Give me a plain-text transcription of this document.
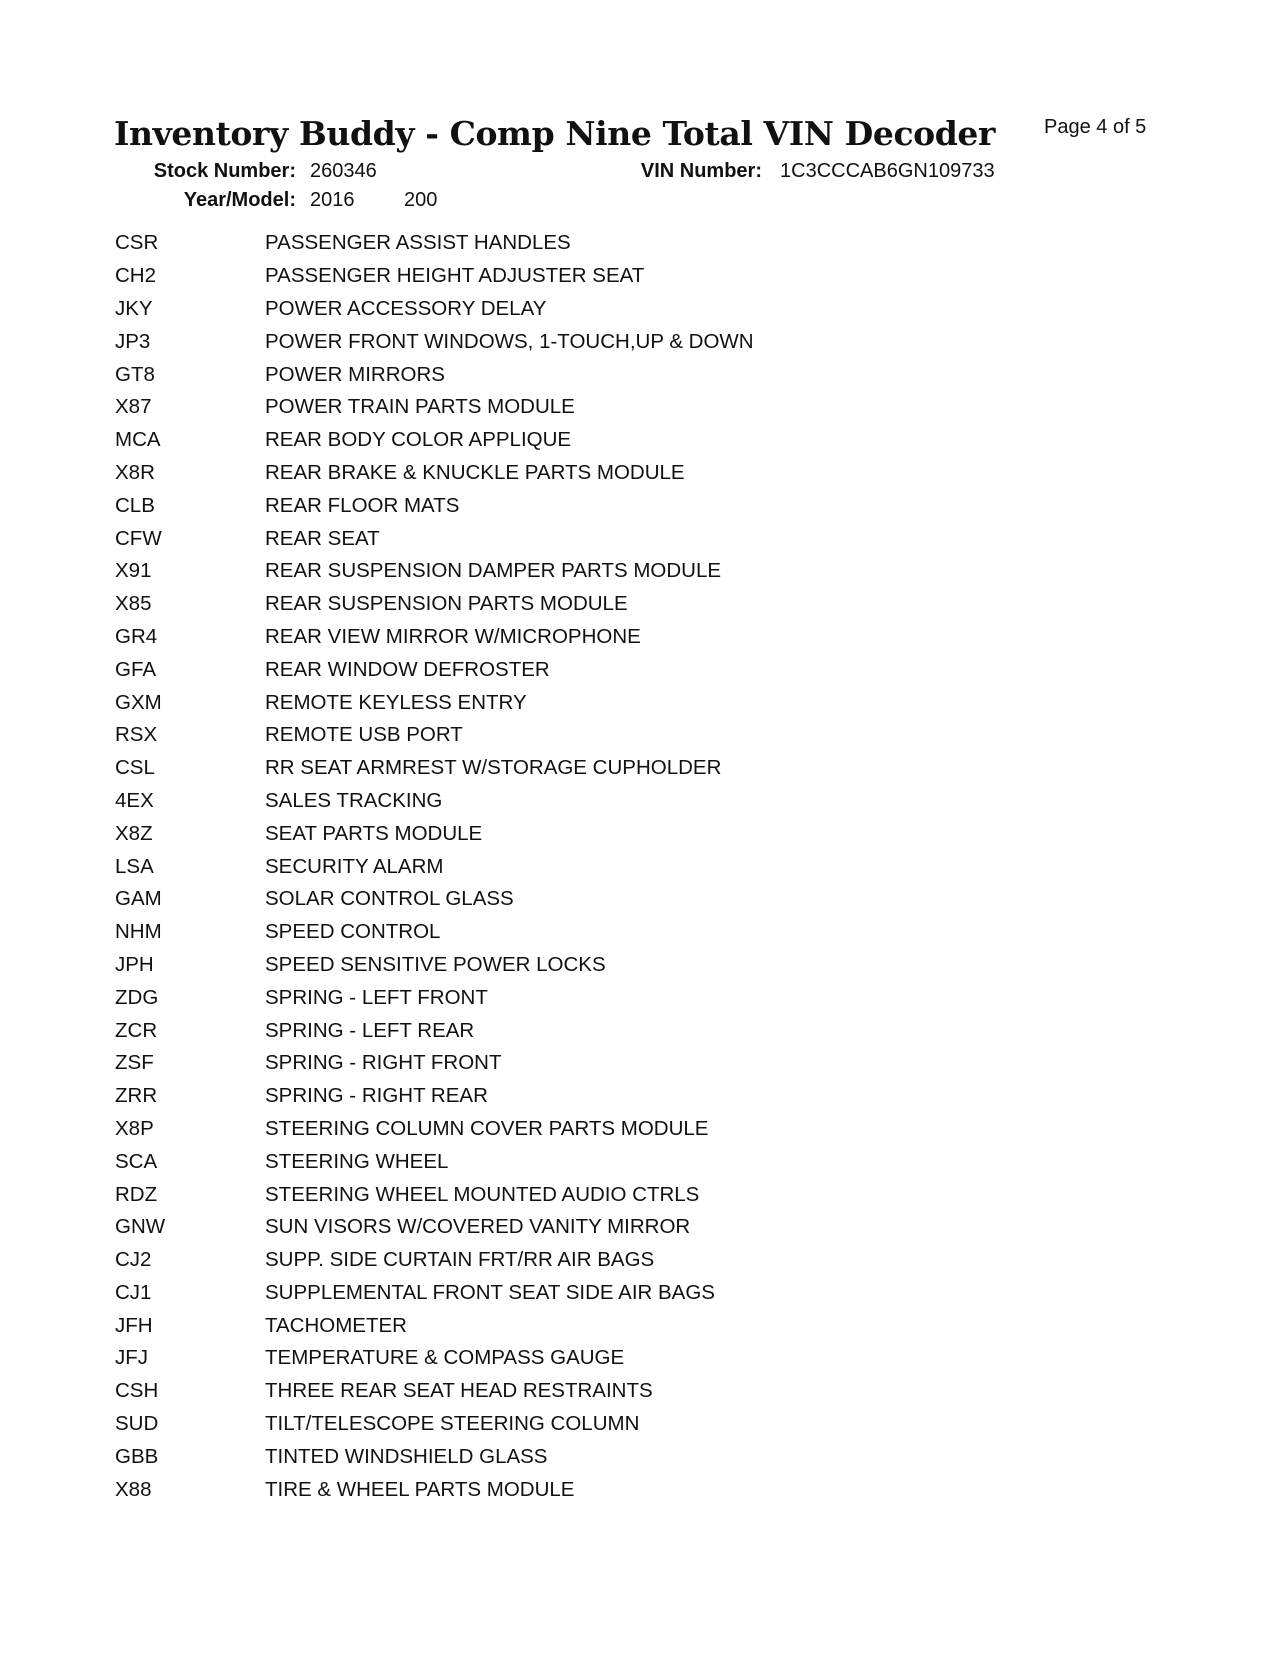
Inventory Buddy - Comp Nine Total VIN Decoder Page 4 of 5
Stock Number: 260346	VIN Number: 1C3CCCAB6GN109733
Year/Model: 2016 200
CSR	PASSENGER ASSIST HANDLES
CH2	PASSENGER HEIGHT ADJUSTER SEAT
JKY	POWER ACCESSORY DELAY
JP3	POWER FRONT WINDOWS, 1-TOUCH,UP & DOWN
GT8	POWER MIRRORS
X87	POWER TRAIN PARTS MODULE
MCA	REAR BODY COLOR APPLIQUE
X8R	REAR BRAKE & KNUCKLE PARTS MODULE
CLB	REAR FLOOR MATS
CFW	REAR SEAT
X91	REAR SUSPENSION DAMPER PARTS MODULE
X85	REAR SUSPENSION PARTS MODULE
GR4	REAR VIEW MIRROR W/MICROPHONE
GFA	REAR WINDOW DEFROSTER
GXM	REMOTE KEYLESS ENTRY
RSX	REMOTE USB PORT
CSL	RR SEAT ARMREST W/STORAGE CUPHOLDER
4EX	SALES TRACKING
X8Z	SEAT PARTS MODULE
LSA	SECURITY ALARM
GAM	SOLAR CONTROL GLASS
NHM	SPEED CONTROL
JPH	SPEED SENSITIVE POWER LOCKS
ZDG	SPRING - LEFT FRONT
ZCR	SPRING - LEFT REAR
ZSF	SPRING - RIGHT FRONT
ZRR	SPRING - RIGHT REAR
X8P	STEERING COLUMN COVER PARTS MODULE
SCA	STEERING WHEEL
RDZ	STEERING WHEEL MOUNTED AUDIO CTRLS
GNW	SUN VISORS W/COVERED VANITY MIRROR
CJ2	SUPP. SIDE CURTAIN FRT/RR AIR BAGS
CJ1	SUPPLEMENTAL FRONT SEAT SIDE AIR BAGS
JFH	TACHOMETER
JFJ	TEMPERATURE & COMPASS GAUGE
CSH	THREE REAR SEAT HEAD RESTRAINTS
SUD	TILT/TELESCOPE STEERING COLUMN
GBB	TINTED WINDSHIELD GLASS
X88	TIRE & WHEEL PARTS MODULE
